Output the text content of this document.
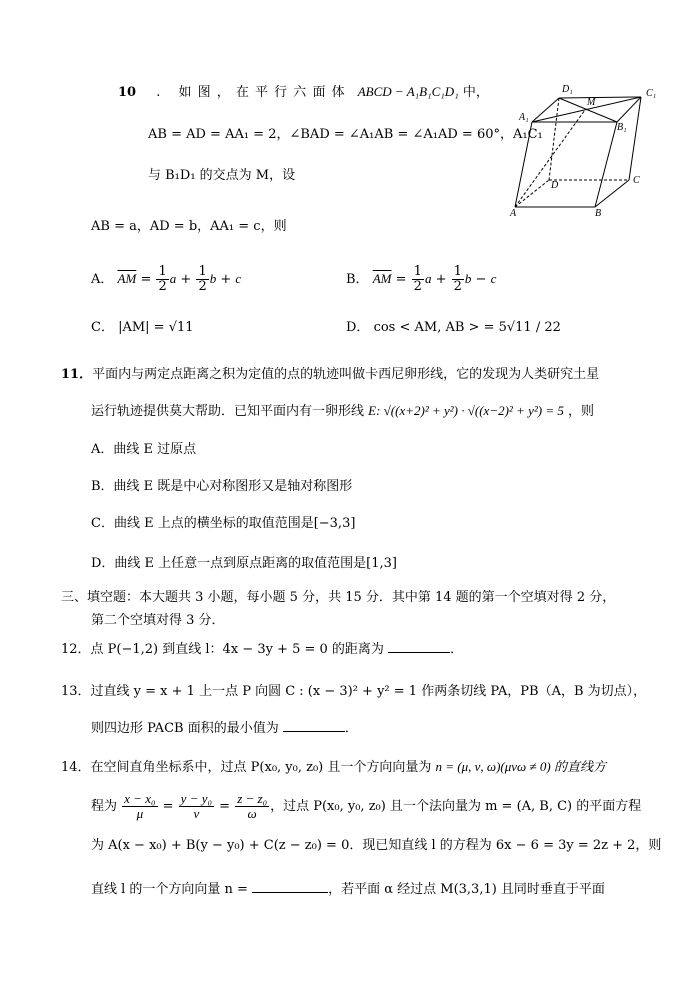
10 . 如 图 ， 在 平 行 六 面 体 ABCD − A₁B₁C₁D₁ 中，
AB = AD = AA₁ = 2，∠BAD = ∠A₁AB = ∠A₁AD = 60°，A₁C₁
与 B₁D₁ 的交点为 M，设
AB = a，AD = b，AA₁ = c，则
A． $\overline{AM} = \frac{1}{2}$ $a + \frac{1}{2}$ b + c	B． $\overline{AM} = \frac{1}{2}$ $a + \frac{1}{2}$ b − c
C． |AM| = √11	D． cos < AM, AB > = 5√11 / 22
D₁
M
C₁
A₁
B₁
D	C
A	B
11．平面内与两定点距离之积为定值的点的轨迹叫做卡西尼卵形线，它的发现为人类研究土星
运行轨迹提供莫大帮助．已知平面内有一卵形线 E: √((x+2)² + y²) · √((x−2)² + y²) = 5 ，则
A．曲线 E 过原点
B．曲线 E 既是中心对称图形又是轴对称图形
C．曲线 E 上点的横坐标的取值范围是[−3,3]
D．曲线 E 上任意一点到原点距离的取值范围是[1,3]
三、填空题：本大题共 3 小题，每小题 5 分，共 15 分．其中第 14 题的第一个空填对得 2 分，
第二个空填对得 3 分．
12．点 P(−1,2) 到直线 l：4x − 3y + 5 = 0 的距离为	．
13．过直线 y = x + 1 上一点 P 向圆 C : (x − 3)² + y² = 1 作两条切线 PA，PB（A，B 为切点），
则四边形 PACB 面积的最小值为	．
14．在空间直角坐标系中，过点 P(x₀, y₀, z₀) 且一个方向向量为 n = (μ, ν, ω)(μνω ≠ 0) 的直线方
程为 $\frac{\text{x − x₀}}{\mu} = \frac{\text{y − y₀}}{\nu} = \frac{\text{z − z₀}}{\omega}$ ，过点 P(x₀, y₀, z₀) 且一个法向量为 m = (A, B, C) 的平面方程
为 A(x − x₀) + B(y − y₀) + C(z − z₀) = 0．现已知直线 l 的方程为 6x − 6 = 3y = 2z + 2，则
直线 l 的一个方向向量 n =	，若平面 α 经过点 M(3,3,1) 且同时垂直于平面
